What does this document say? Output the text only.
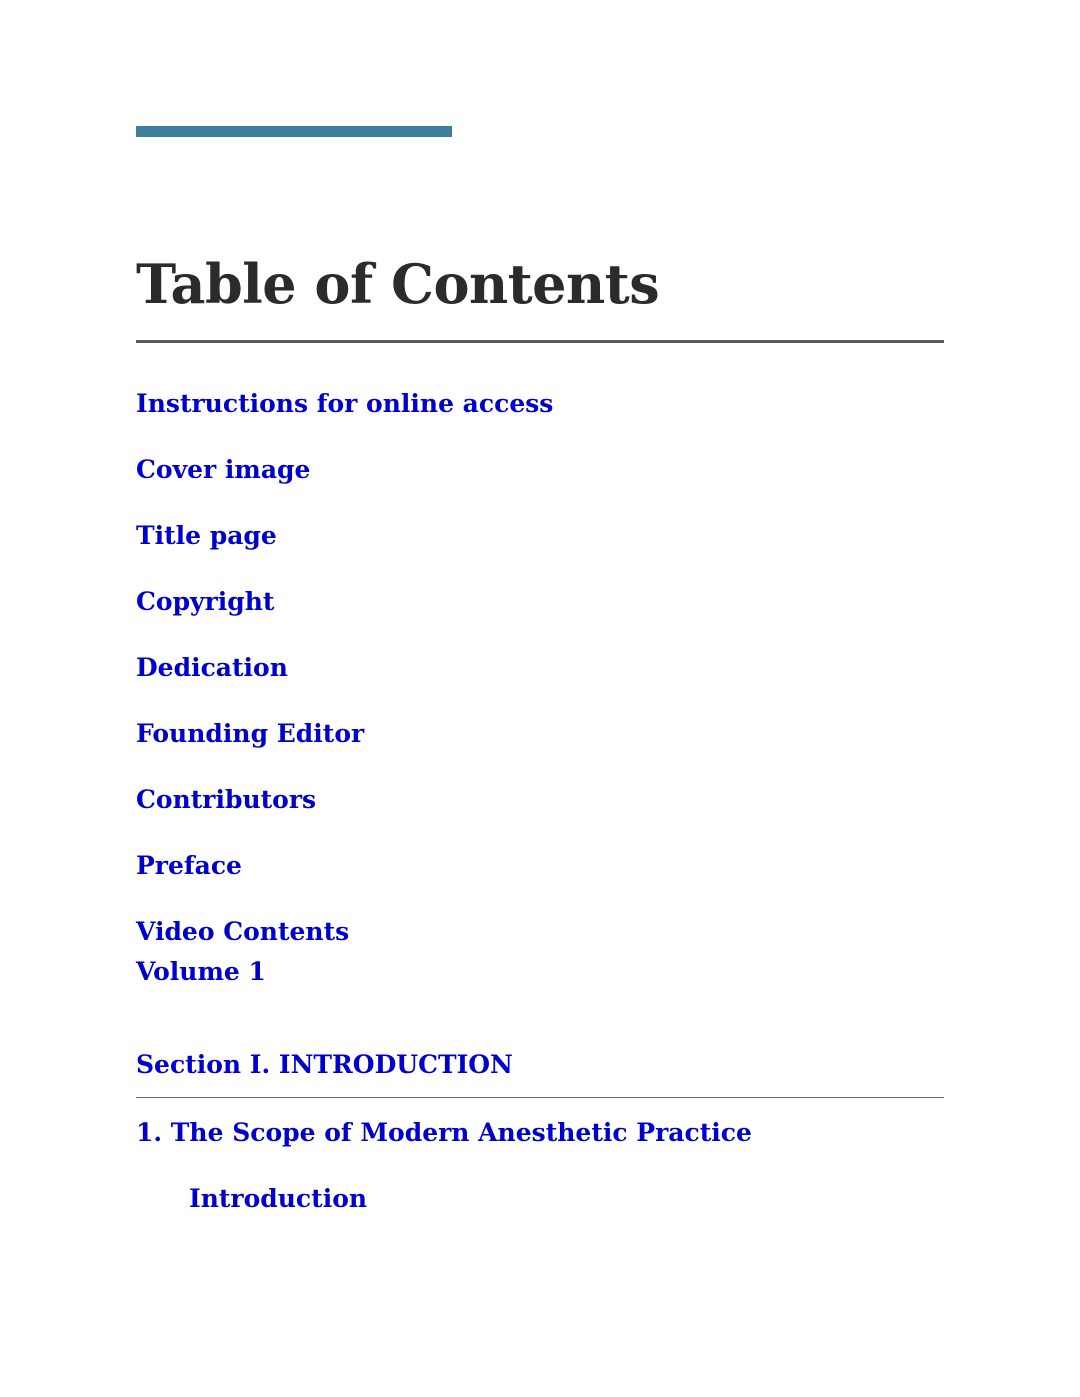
Table of Contents
Instructions for online access
Cover image
Title page
Copyright
Dedication
Founding Editor
Contributors
Preface
Video Contents
Volume 1
Section I. INTRODUCTION
1. The Scope of Modern Anesthetic Practice
Introduction
